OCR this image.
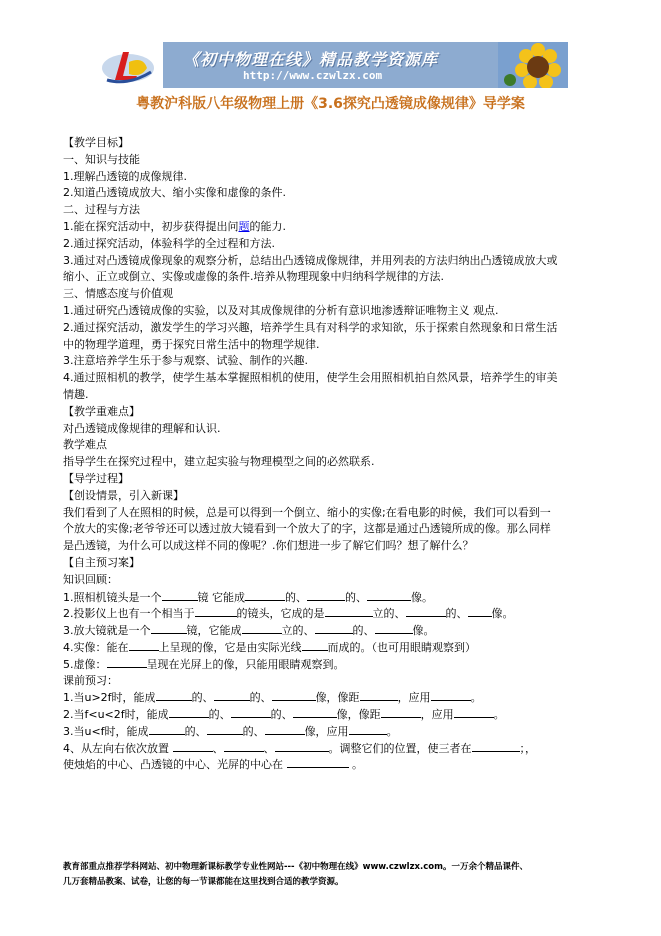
《初中物理在线》精品教学资源库
http://www.czwlzx.com
粤教沪科版八年级物理上册《3.6探究凸透镜成像规律》导学案
【教学目标】
一、知识与技能
1.理解凸透镜的成像规律.
2.知道凸透镜成放大、缩小实像和虚像的条件.
二、过程与方法
1.能在探究活动中，初步获得提出问题的能力.
2.通过探究活动，体验科学的全过程和方法.
3.通过对凸透镜成像现象的观察分析，总结出凸透镜成像规律，并用列表的方法归纳出凸透镜成放大或
缩小、正立或倒立、实像或虚像的条件.培养从物理现象中归纳科学规律的方法.
三、情感态度与价值观
1.通过研究凸透镜成像的实验，以及对其成像规律的分析有意识地渗透辩证唯物主义 观点.
2.通过探究活动，激发学生的学习兴趣，培养学生具有对科学的求知欲，乐于探索自然现象和日常生活
中的物理学道理，勇于探究日常生活中的物理学规律.
3.注意培养学生乐于参与观察、试验、制作的兴趣.
4.通过照相机的教学，使学生基本掌握照相机的使用，使学生会用照相机拍自然风景，培养学生的审美
情趣.
【教学重难点】
对凸透镜成像规律的理解和认识.
教学难点
指导学生在探究过程中，建立起实验与物理模型之间的必然联系.
【导学过程】
【创设情景，引入新课】
我们看到了人在照相的时候，总是可以得到一个倒立、缩小的实像;在看电影的时候，我们可以看到一
个放大的实像;老爷爷还可以透过放大镜看到一个放大了的字，这都是通过凸透镜所成的像。那么同样
是凸透镜，为什么可以成这样不同的像呢？.你们想进一步了解它们吗？想了解什么？
【自主预习案】
知识回顾：
1.照相机镜头是一个	镜 它能成	的、	的、	像。
2.投影仪上也有一个相当于	的镜头，它成的是	立的、	的、 像。
3.放大镜就是一个	镜，它能成	立的、	的、	像。
4.实像：能在	上呈现的像，它是由实际光线 而成的。（也可用眼睛观察到）
5.虚像：	呈现在光屏上的像，只能用眼睛观察到。
课前预习：
1.当u>2f时，能成	的、	的、	像，像距	，应用	。
2.当f<u<2f时，能成	的、	的、	像，像距	，应用	。
3.当u<f时，能成	的、	的、	像，应用	。
4、从左向右依次放置	、	、	。调整它们的位置，使三者在	；，
使烛焰的中心、凸透镜的中心、光屏的中心在	。
教育部重点推荐学科网站、初中物理新课标教学专业性网站---《初中物理在线》www.czwlzx.com。一万余个精品课件、
几万套精品教案、试卷，让您的每一节课都能在这里找到合适的教学资源。
